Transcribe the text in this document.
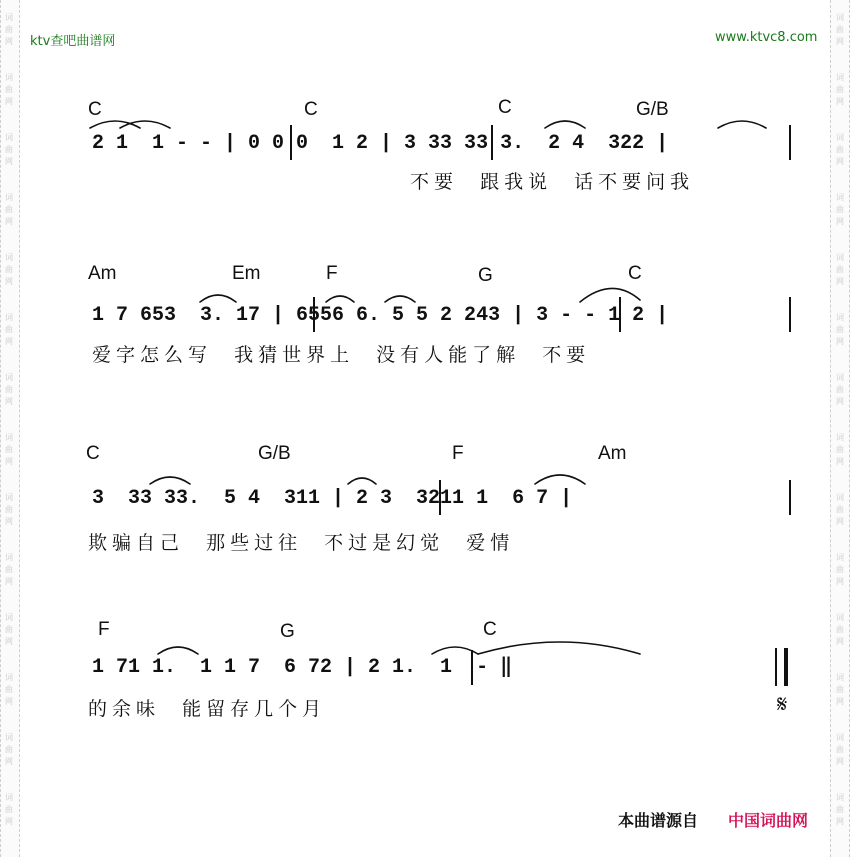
词
曲
网
词
曲
网
词
曲
网
词
曲
网
词
曲
网
词
曲
网
词
曲
网
词
曲
网
词
曲
网
词
曲
网
词
曲
网
词
曲
网
词
曲
网
词
曲
网
词
曲
网
词
曲
网
词
曲
网
词
曲
网
词
曲
网
词
曲
网
词
曲
网
词
曲
网
词
曲
网
词
曲
网
词
曲
网
词
曲
网
词
曲
网
词
曲
网
ktv查吧曲谱网	www.ktvc8.com
C	C	C	G/B
2 1  1 - - | 0 0 0  1 2 | 3 33 33 3.  2 4  322 |
不要  跟我说  话不要问我
Am	Em	F	G	C
1 7 653  3. 17 | 6556 6. 5 5 2 243 | 3 - - 1 2 |
爱字怎么写  我猜世界上  没有人能了解  不要
C	G/B	F	Am
3  33 33.  5 4  311 | 2 3  3211 1  6 7 |
欺骗自己  那些过往  不过是幻觉  爱情
F	G	C
1 71 1.  1 1 7  6 72 | 2 1.  1  - ‖
的余味  能留存几个月	𝄋
本曲谱源自 中国词曲网
